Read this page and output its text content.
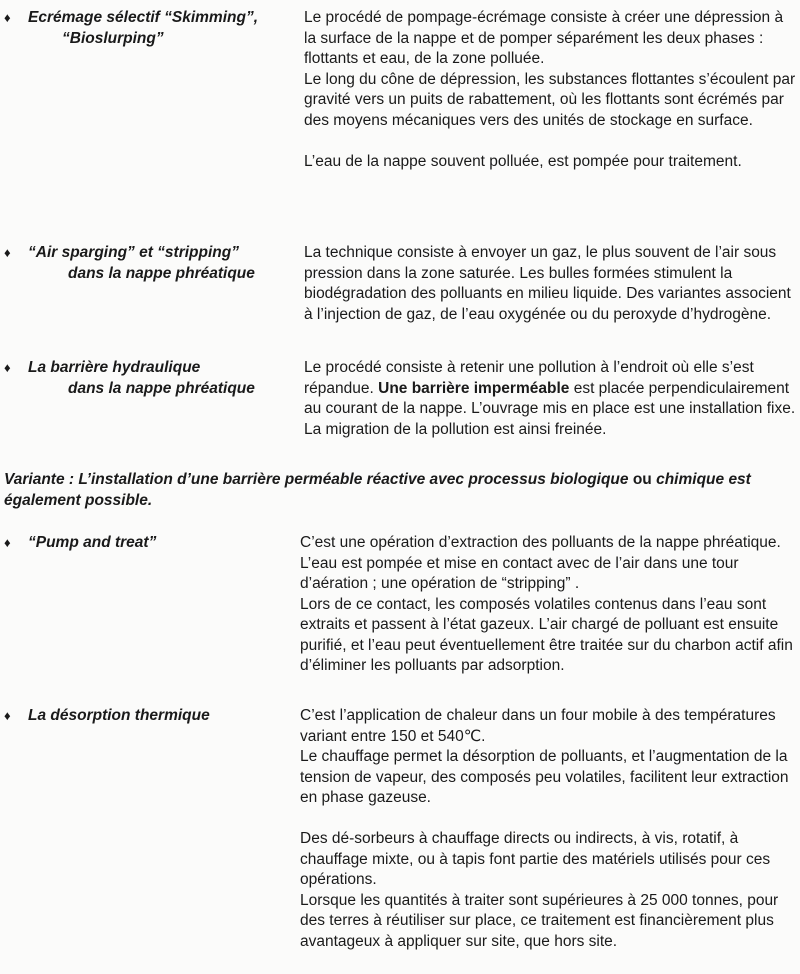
♦ Ecrémage sélectif “Skimming”,
“Bioslurping”

Le procédé de pompage-écrémage consiste à créer une dépression à la surface de la nappe et de pomper séparément les deux phases : flottants et eau, de la zone polluée.

Le long du cône de dépression, les substances flottantes s’écoulent par gravité vers un puits de rabattement, où les flottants sont écrémés par des moyens mécaniques vers des unités de stockage en surface.

L’eau de la nappe souvent polluée, est pompée pour traitement.

♦ “Air sparging” et “stripping”
dans la nappe phréatique

La technique consiste à envoyer un gaz, le plus souvent de l’air sous pression dans la zone saturée. Les bulles formées stimulent la biodégradation des polluants en milieu liquide. Des variantes associent à l’injection de gaz, de l’eau oxygénée ou du peroxyde d’hydrogène.

♦ La barrière hydraulique
dans la nappe phréatique

Le procédé consiste à retenir une pollution à l’endroit où elle s’est répandue. Une barrière imperméable est placée perpendiculairement au courant de la nappe. L’ouvrage mis en place est une installation fixe. La migration de la pollution est ainsi freinée.

Variante : L’installation d’une barrière perméable réactive avec processus biologique ou chimique est également possible.
♦ “Pump and treat”	C’est une opération d’extraction des polluants de la nappe phréatique. L’eau est pompée et mise en contact avec de l’air dans une tour d’aération ; une opération de “stripping” .

Lors de ce contact, les composés volatiles contenus dans l’eau sont extraits et passent à l’état gazeux. L’air chargé de polluant est ensuite purifié, et l’eau peut éventuellement être traitée sur du charbon actif afin d’éliminer les polluants par adsorption.

♦ La désorption thermique	C’est l’application de chaleur dans un four mobile à des températures variant entre 150 et 540℃.

Le chauffage permet la désorption de polluants, et l’augmentation de la tension de vapeur, des composés peu volatiles, facilitent leur extraction en phase gazeuse.

Des dé-sorbeurs à chauffage directs ou indirects, à vis, rotatif, à chauffage mixte, ou à tapis font partie des matériels utilisés pour ces opérations.

Lorsque les quantités à traiter sont supérieures à 25 000 tonnes, pour des terres à réutiliser sur place, ce traitement est financièrement plus avantageux à appliquer sur site, que hors site.
